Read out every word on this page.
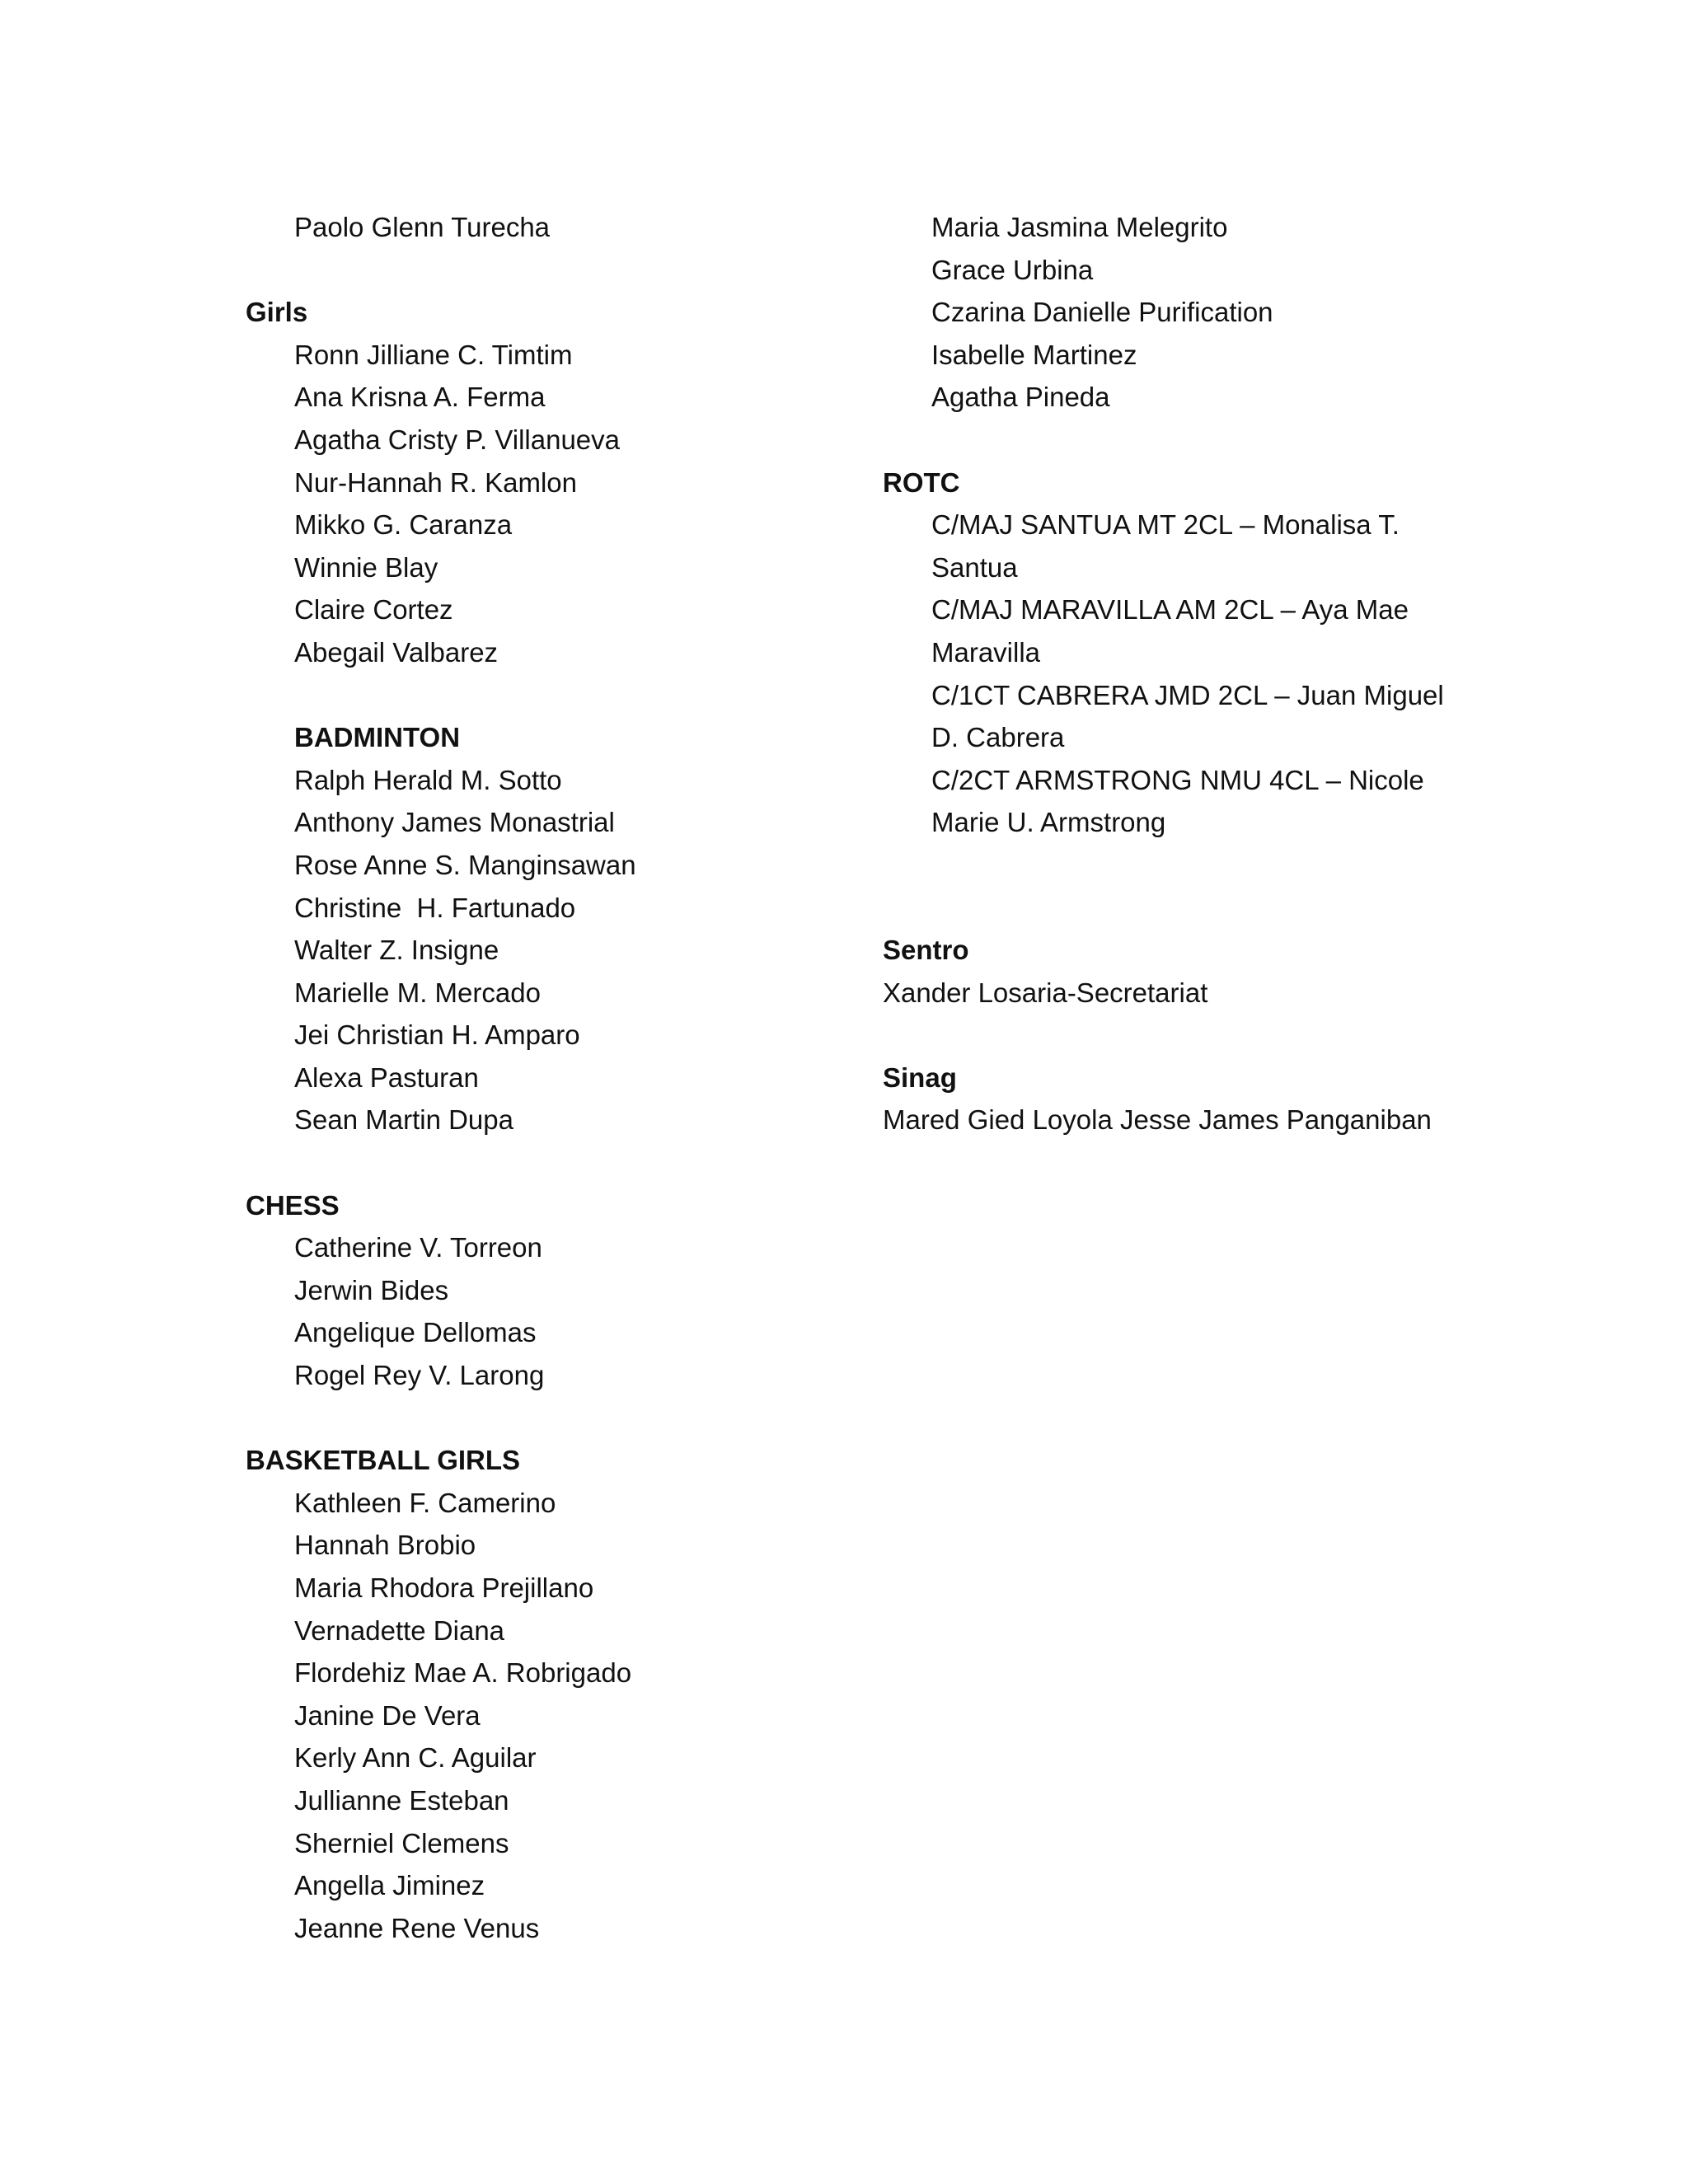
Paolo Glenn Turecha
Girls
Ronn Jilliane C. Timtim
Ana Krisna A. Ferma
Agatha Cristy P. Villanueva
Nur-Hannah R. Kamlon
Mikko G. Caranza
Winnie Blay
Claire Cortez
Abegail Valbarez
BADMINTON
Ralph Herald M. Sotto
Anthony James Monastrial
Rose Anne S. Manginsawan
Christine  H. Fartunado
Walter Z. Insigne
Marielle M. Mercado
Jei Christian H. Amparo
Alexa Pasturan
Sean Martin Dupa
CHESS
Catherine V. Torreon
Jerwin Bides
Angelique Dellomas
Rogel Rey V. Larong
BASKETBALL GIRLS
Kathleen F. Camerino
Hannah Brobio
Maria Rhodora Prejillano
Vernadette Diana
Flordehiz Mae A. Robrigado
Janine De Vera
Kerly Ann C. Aguilar
Jullianne Esteban
Sherniel Clemens
Angella Jiminez
Jeanne Rene Venus
Maria Jasmina Melegrito
Grace Urbina
Czarina Danielle Purification
Isabelle Martinez
Agatha Pineda
ROTC
C/MAJ SANTUA MT 2CL – Monalisa T. Santua
C/MAJ MARAVILLA AM 2CL – Aya Mae Maravilla
C/1CT CABRERA JMD 2CL – Juan Miguel D. Cabrera
C/2CT ARMSTRONG NMU 4CL – Nicole Marie U. Armstrong
Sentro
Xander Losaria-Secretariat
Sinag
Mared Gied Loyola Jesse James Panganiban
